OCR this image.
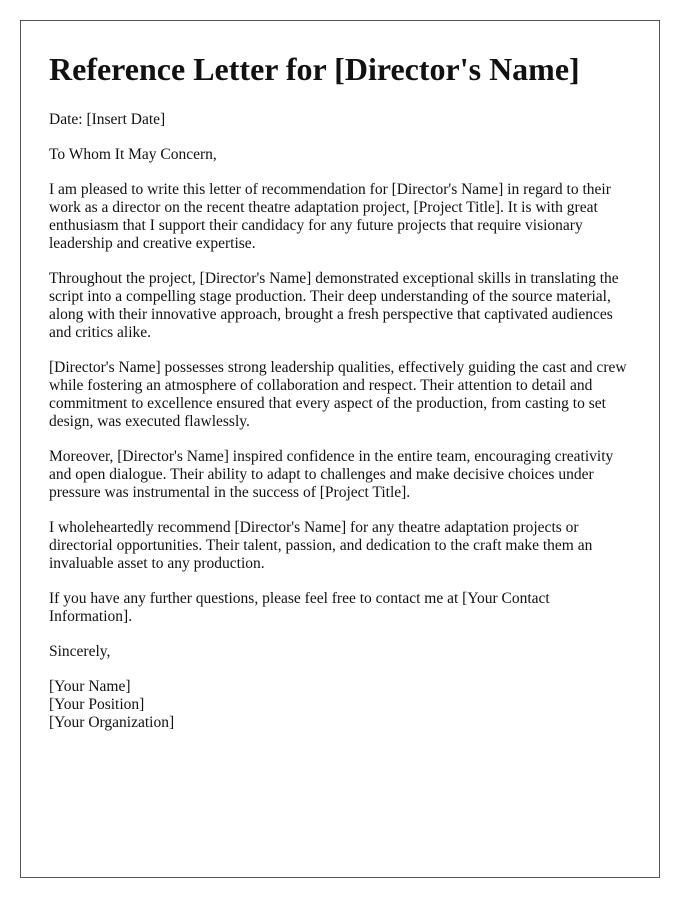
Reference Letter for [Director's Name]

Date: [Insert Date]

To Whom It May Concern,

I am pleased to write this letter of recommendation for [Director's Name] in regard to their work as a director on the recent theatre adaptation project, [Project Title]. It is with great enthusiasm that I support their candidacy for any future projects that require visionary leadership and creative expertise.

Throughout the project, [Director's Name] demonstrated exceptional skills in translating the script into a compelling stage production. Their deep understanding of the source material, along with their innovative approach, brought a fresh perspective that captivated audiences and critics alike.

[Director's Name] possesses strong leadership qualities, effectively guiding the cast and crew while fostering an atmosphere of collaboration and respect. Their attention to detail and commitment to excellence ensured that every aspect of the production, from casting to set design, was executed flawlessly.

Moreover, [Director's Name] inspired confidence in the entire team, encouraging creativity and open dialogue. Their ability to adapt to challenges and make decisive choices under pressure was instrumental in the success of [Project Title].

I wholeheartedly recommend [Director's Name] for any theatre adaptation projects or directorial opportunities. Their talent, passion, and dedication to the craft make them an invaluable asset to any production.

If you have any further questions, please feel free to contact me at [Your Contact Information].

Sincerely,

[Your Name]
[Your Position]
[Your Organization]
